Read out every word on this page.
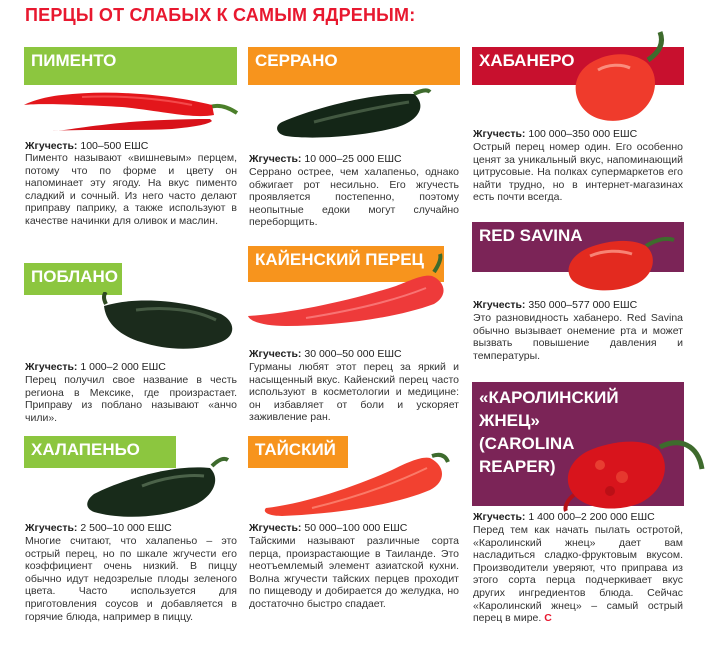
ПЕРЦЫ ОТ СЛАБЫХ К САМЫМ ЯДРЕНЫМ:
ПИМЕНТО
Жгучесть: 100–500 ЕШС
Пименто называют «вишневым» перцем, потому что по форме и цвету он напоминает эту ягоду. На вкус пименто сладкий и сочный. Из него часто делают приправу паприку, а также используют в качестве начинки для оливок и маслин.
ПОБЛАНО
Жгучесть: 1 000–2 000 ЕШС
Перец получил свое название в честь региона в Мексике, где произрастает. Приправу из поблано называют «анчо чили».
ХАЛАПЕНЬО
Жгучесть: 2 500–10 000 ЕШС
Многие считают, что халапеньо – это острый перец, но по шкале жгучести его коэффициент очень низкий. В пиццу обычно идут недозрелые плоды зеленого цвета. Часто используется для приготовления соусов и добавляется в горячие блюда, например в пиццу.
СЕРРАНО
Жгучесть: 10 000–25 000 ЕШС
Серрано острее, чем халапеньо, однако обжигает рот несильно. Его жгучесть проявляется постепенно, поэтому неопытные едоки могут случайно переборщить.
КАЙЕНСКИЙ ПЕРЕЦ
Жгучесть: 30 000–50 000 ЕШС
Гурманы любят этот перец за яркий и насыщенный вкус. Кайенский перец часто используют в косметологии и медицине: он избавляет от боли и ускоряет заживление ран.
ТАЙСКИЙ
Жгучесть: 50 000–100 000 ЕШС
Тайскими называют различные сорта перца, произрастающие в Таиланде. Это неотъемлемый элемент азиатской кухни. Волна жгучести тайских перцев проходит по пищеводу и добирается до желудка, но достаточно быстро спадает.
ХАБАНЕРО
Жгучесть: 100 000–350 000 ЕШС
Острый перец номер один. Его особенно ценят за уникальный вкус, напоминающий цитрусовые. На полках супермаркетов его найти трудно, но в интернет-магазинах есть почти всегда.
RED SAVINA
Жгучесть: 350 000–577 000 ЕШС
Это разновидность хабанеро. Red Savina обычно вызывает онемение рта и может вызвать повышение давления и температуры.
«КАРОЛИНСКИЙ ЖНЕЦ» (CAROLINA REAPER)
Жгучесть: 1 400 000–2 200 000 ЕШС
Перед тем как начать пылать остротой, «Каролинский жнец» дает вам насладиться сладко-фруктовым вкусом. Производители уверяют, что приправа из этого сорта перца подчеркивает вкус других ингредиентов блюда. Сейчас «Каролинский жнец» – самый острый перец в мире. С
